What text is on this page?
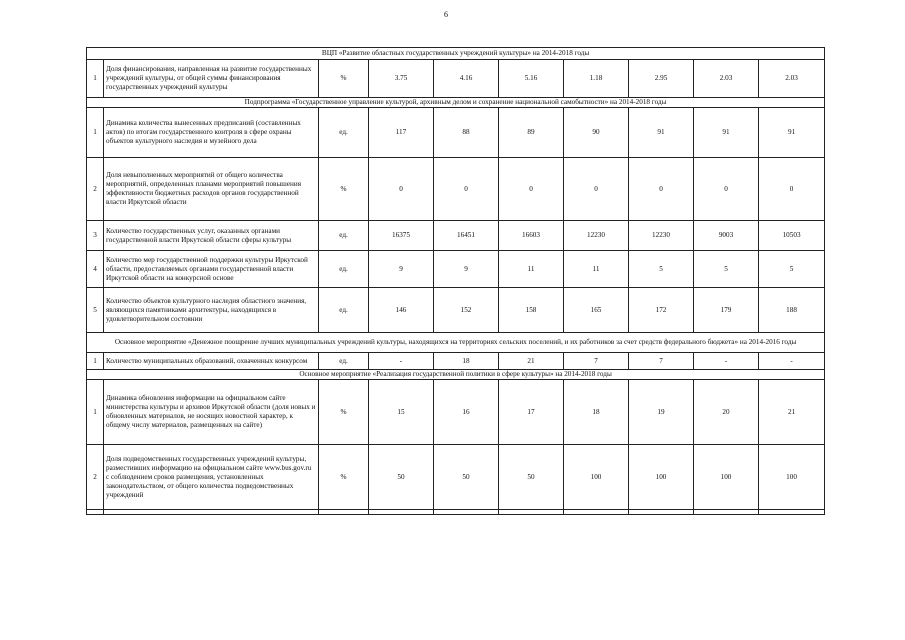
6
ВЦП «Развитие областных государственных учреждений культуры» на 2014-2018 годы									
1	Доля финансирования, направленная на развитие государственных учреждений культуры, от общей суммы финансирования государственных учреждений культуры	%	3.75	4.16	5.16	1.18	2.95	2.03	2.03
Подпрограмма «Государственное управление культурой, архивным делом и сохранение национальной самобытности» на 2014-2018 годы									
1	Динамика количества вынесенных предписаний (составленных актов) по итогам государственного контроля в сфере охраны объектов культурного наследия и музейного дела	ед.	117	88	89	90	91	91	91
2	Доля невыполненных мероприятий от общего количества мероприятий, определенных планами мероприятий повышения эффективности бюджетных расходов органов государственной власти Иркутской области	%	0	0	0	0	0	0	0
3	Количество государственных услуг, оказанных органами государственной власти Иркутской области сферы культуры	ед.	16375	16451	16603	12230	12230	9003	10503
4	Количество мер государственной поддержки культуры Иркутской области, предоставляемых органами государственной власти Иркутской области на конкурсной основе	ед.	9	9	11	11	5	5	5
5	Количество объектов культурного наследия областного значения, являющихся памятниками архитектуры, находящихся в удовлетворительном состоянии	ед.	146	152	158	165	172	179	188
Основное мероприятие «Денежное поощрение лучших муниципальных учреждений культуры, находящихся на территориях сельских поселений, и их работников за счет средств федерального бюджета» на 2014-2016 годы									
1	Количество муниципальных образований, охваченных конкурсом	ед.	-	18	21	7	7	-	-
Основное мероприятие «Реализация государственной политики в сфере культуры» на 2014-2018 годы									
1	Динамика обновления информации на официальном сайте министерства культуры и архивов Иркутской области (доля новых и обновленных материалов, не носящих новостной характер, к общему числу материалов, размещенных на сайте)	%	15	16	17	18	19	20	21
2	Доля подведомственных государственных учреждений культуры, разместивших информацию на официальном сайте www.bus.gov.ru с соблюдением сроков размещения, установленных законодательством, от общего количества подведомственных учреждений	%	50	50	50	100	100	100	100
